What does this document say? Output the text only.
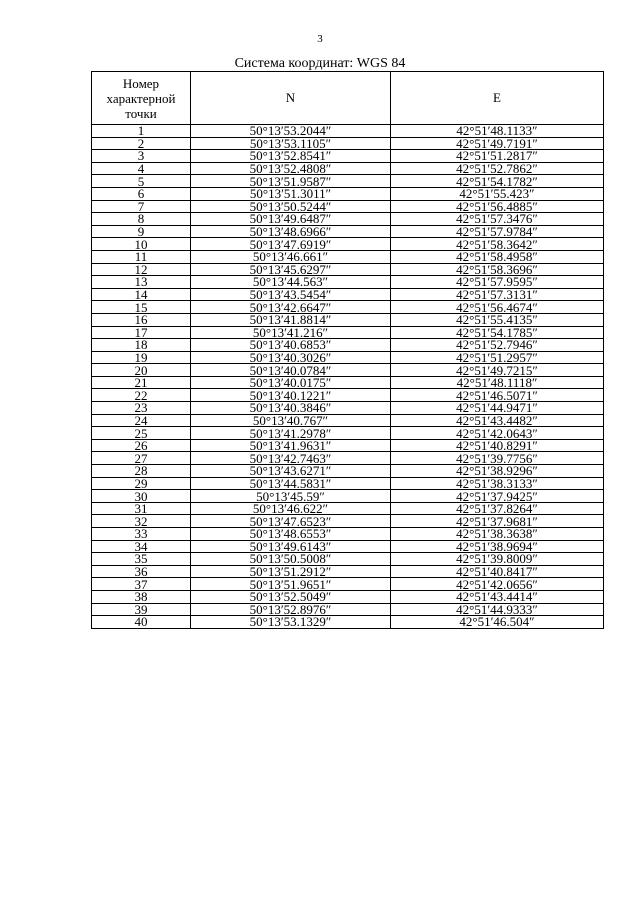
3
Система координат: WGS 84
Номер характерной точки	N	E
1	50°13′53.2044″	42°51′48.1133″
2	50°13′53.1105″	42°51′49.7191″
3	50°13′52.8541″	42°51′51.2817″
4	50°13′52.4808″	42°51′52.7862″
5	50°13′51.9587″	42°51′54.1782″
6	50°13′51.3011″	42°51′55.423″
7	50°13′50.5244″	42°51′56.4885″
8	50°13′49.6487″	42°51′57.3476″
9	50°13′48.6966″	42°51′57.9784″
10	50°13′47.6919″	42°51′58.3642″
11	50°13′46.661″	42°51′58.4958″
12	50°13′45.6297″	42°51′58.3696″
13	50°13′44.563″	42°51′57.9595″
14	50°13′43.5454″	42°51′57.3131″
15	50°13′42.6647″	42°51′56.4674″
16	50°13′41.8814″	42°51′55.4135″
17	50°13′41.216″	42°51′54.1785″
18	50°13′40.6853″	42°51′52.7946″
19	50°13′40.3026″	42°51′51.2957″
20	50°13′40.0784″	42°51′49.7215″
21	50°13′40.0175″	42°51′48.1118″
22	50°13′40.1221″	42°51′46.5071″
23	50°13′40.3846″	42°51′44.9471″
24	50°13′40.767″	42°51′43.4482″
25	50°13′41.2978″	42°51′42.0643″
26	50°13′41.9631″	42°51′40.8291″
27	50°13′42.7463″	42°51′39.7756″
28	50°13′43.6271″	42°51′38.9296″
29	50°13′44.5831″	42°51′38.3133″
30	50°13′45.59″	42°51′37.9425″
31	50°13′46.622″	42°51′37.8264″
32	50°13′47.6523″	42°51′37.9681″
33	50°13′48.6553″	42°51′38.3638″
34	50°13′49.6143″	42°51′38.9694″
35	50°13′50.5008″	42°51′39.8009″
36	50°13′51.2912″	42°51′40.8417″
37	50°13′51.9651″	42°51′42.0656″
38	50°13′52.5049″	42°51′43.4414″
39	50°13′52.8976″	42°51′44.9333″
40	50°13′53.1329″	42°51′46.504″
